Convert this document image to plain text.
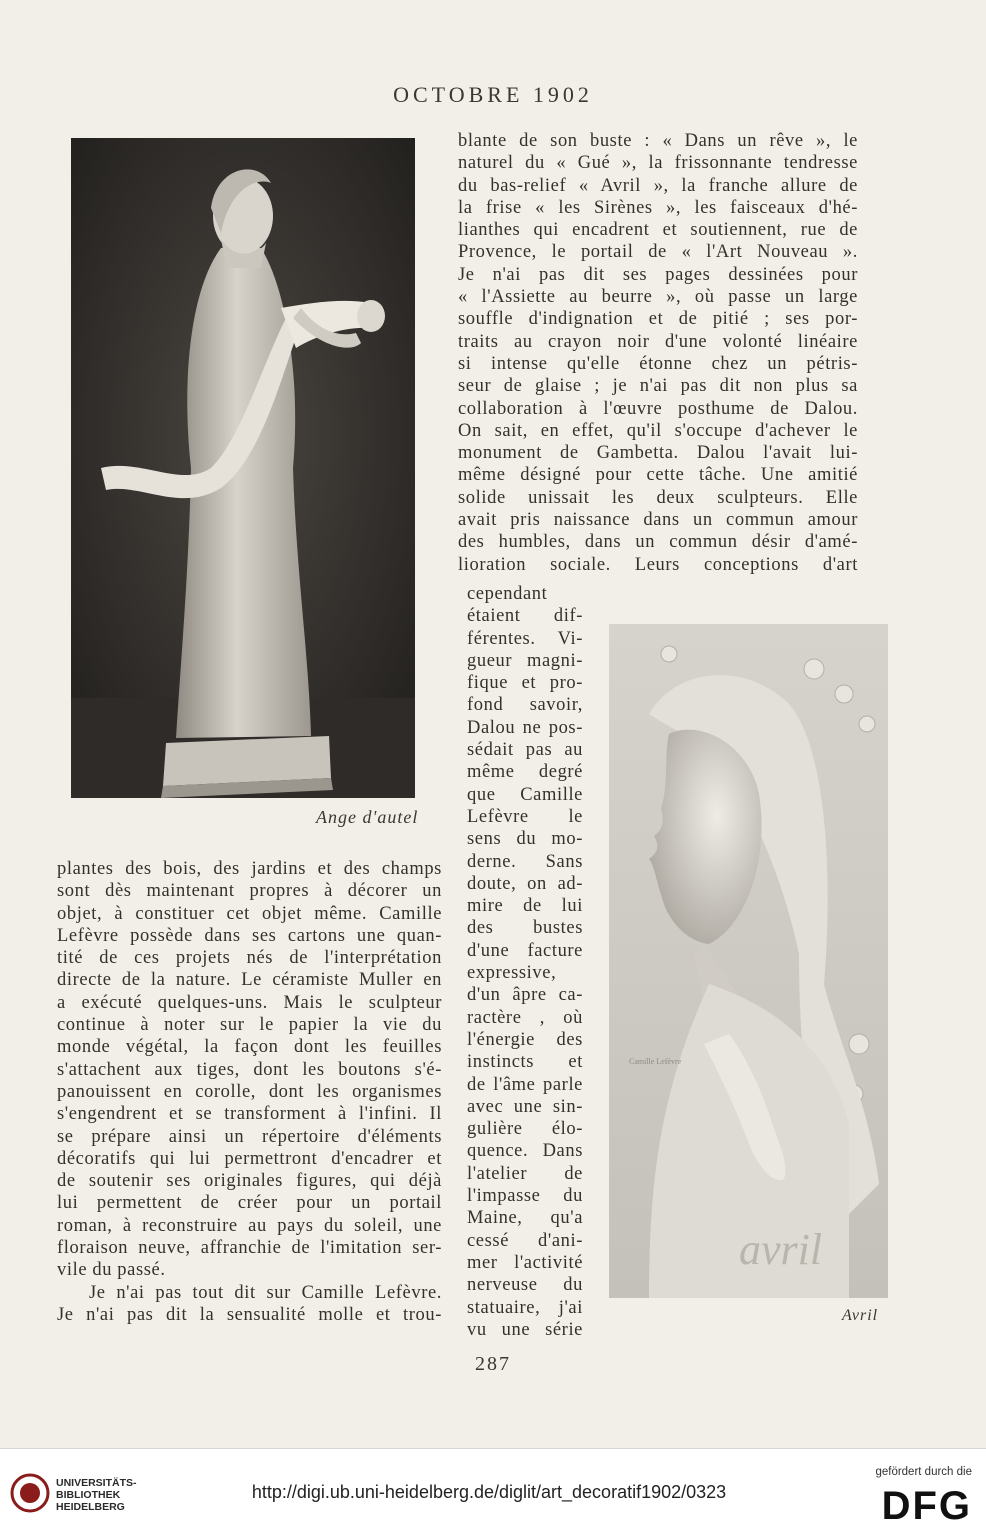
OCTOBRE 1902
Ange d'autel
avril
Camille Lefèvre
Avril
blante de son buste : « Dans un rêve », le
naturel du « Gué », la frissonnante tendresse
du bas-relief « Avril », la franche allure de
la frise « les Sirènes », les faisceaux d'hé-
lianthes qui encadrent et soutiennent, rue de
Provence, le portail de « l'Art Nouveau ».
Je n'ai pas dit ses pages dessinées pour
« l'Assiette au beurre », où passe un large
souffle d'indignation et de pitié ; ses por-
traits au crayon noir d'une volonté linéaire
si intense qu'elle étonne chez un pétris-
seur de glaise ; je n'ai pas dit non plus sa
collaboration à l'œuvre posthume de Dalou.
On sait, en effet, qu'il s'occupe d'achever le
monument de Gambetta. Dalou l'avait lui-
même désigné pour cette tâche. Une amitié
solide unissait les deux sculpteurs. Elle
avait pris naissance dans un commun amour
des humbles, dans un commun désir d'amé-
lioration sociale. Leurs conceptions d'art
cependant
étaient dif-
férentes. Vi-
gueur magni-
fique et pro-
fond savoir,
Dalou ne pos-
sédait pas au
même degré
que Camille
Lefèvre le
sens du mo-
derne. Sans
doute, on ad-
mire de lui
des bustes
d'une facture
expressive,
d'un âpre ca-
ractère , où
l'énergie des
instincts et
de l'âme parle
avec une sin-
gulière élo-
quence. Dans
l'atelier de
l'impasse du
Maine, qu'a
cessé d'ani-
mer l'activité
nerveuse du
statuaire, j'ai
vu une série
plantes des bois, des jardins et des champs
sont dès maintenant propres à décorer un
objet, à constituer cet objet même. Camille
Lefèvre possède dans ses cartons une quan-
tité de ces projets nés de l'interprétation
directe de la nature. Le céramiste Muller en
a exécuté quelques-uns. Mais le sculpteur
continue à noter sur le papier la vie du
monde végétal, la façon dont les feuilles
s'attachent aux tiges, dont les boutons s'é-
panouissent en corolle, dont les organismes
s'engendrent et se transforment à l'infini. Il
se prépare ainsi un répertoire d'éléments
décoratifs qui lui permettront d'encadrer et
de soutenir ses originales figures, qui déjà
lui permettent de créer pour un portail
roman, à reconstruire au pays du soleil, une
floraison neuve, affranchie de l'imitation ser-
vile du passé.
Je n'ai pas tout dit sur Camille Lefèvre.
Je n'ai pas dit la sensualité molle et trou-
287
UNIVERSITÄTS-
BIBLIOTHEK
HEIDELBERG
http://digi.ub.uni-heidelberg.de/diglit/art_decoratif1902/0323
gefördert durch die
DFG
